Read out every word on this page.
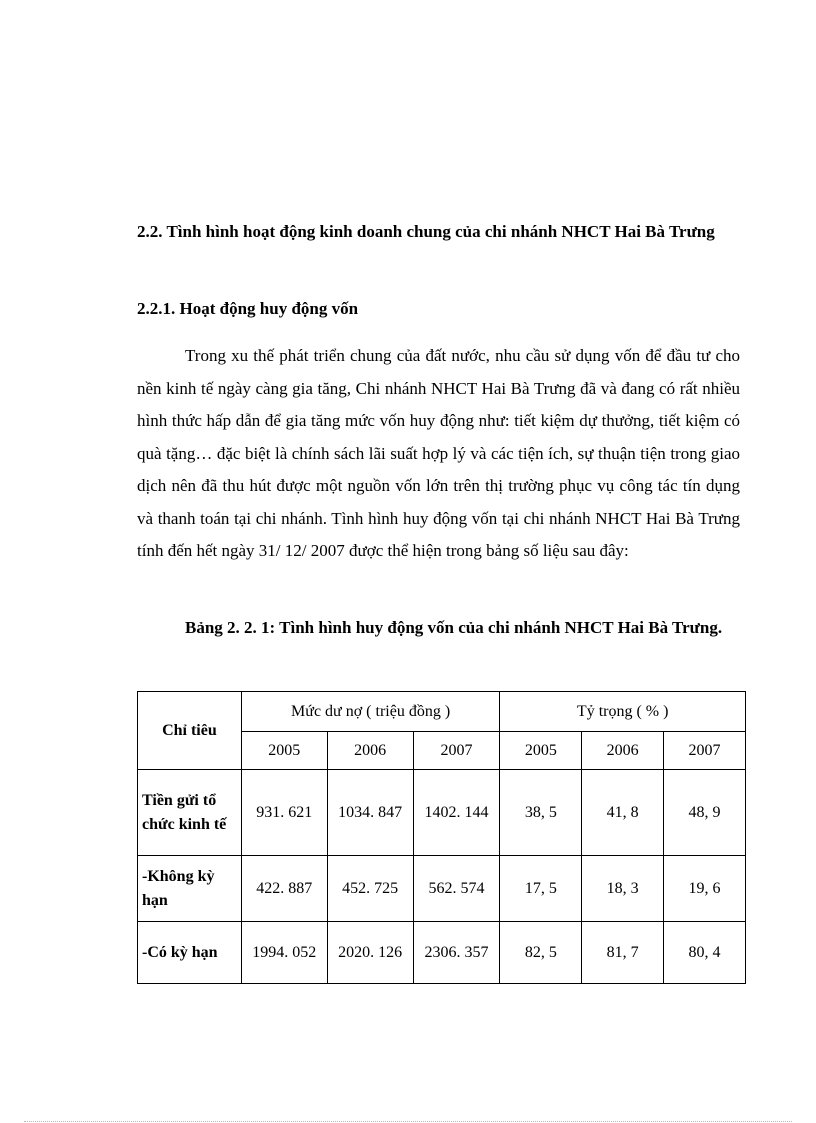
2.2. Tình hình hoạt động kinh doanh chung của chi nhánh NHCT Hai Bà Trưng

2.2.1. Hoạt động huy động vốn

Trong xu thế phát triển chung của đất nước, nhu cầu sử dụng vốn để đầu tư cho nền kinh tế ngày càng gia tăng, Chi nhánh NHCT Hai Bà Trưng đã và đang có rất nhiều hình thức hấp dẫn để gia tăng mức vốn huy động như: tiết kiệm dự thưởng, tiết kiệm có quà tặng… đặc biệt là chính sách lãi suất hợp lý và các tiện ích, sự thuận tiện trong giao dịch nên đã thu hút được một nguồn vốn lớn trên thị trường phục vụ công tác tín dụng và thanh toán tại chi nhánh. Tình hình huy động vốn tại chi nhánh NHCT Hai Bà Trưng tính đến hết ngày 31/ 12/ 2007 được thể hiện trong bảng số liệu sau đây:

Bảng 2. 2. 1: Tình hình huy động vốn của chi nhánh NHCT Hai Bà Trưng.

Chỉ tiêu	Mức dư nợ ( triệu đồng )			Tỷ trọng ( % )		
	2005	2006	2007	2005	2006	2007
Tiền gửi tổ chức kinh tế	931. 621	1034. 847	1402. 144	38, 5	41, 8	48, 9
-Không kỳ hạn	422. 887	452. 725	562. 574	17, 5	18, 3	19, 6
-Có kỳ hạn	1994. 052	2020. 126	2306. 357	82, 5	81, 7	80, 4
